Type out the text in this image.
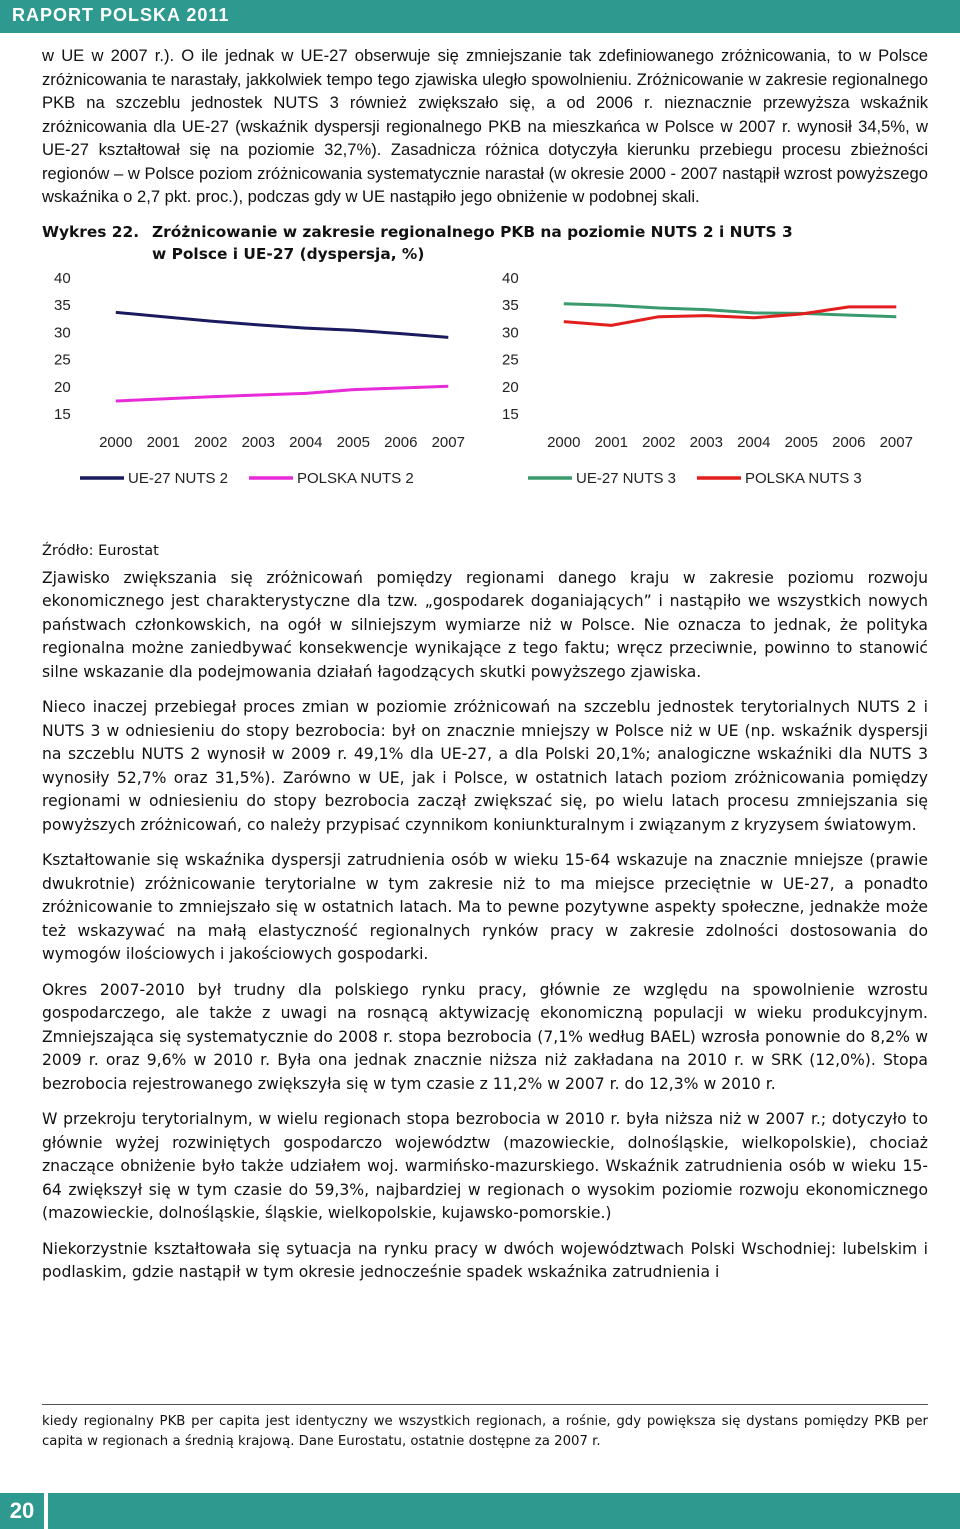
RAPORT POLSKA 2011

w UE w 2007 r.). O ile jednak w UE-27 obserwuje się zmniejszanie tak zdefiniowanego zróżnicowania, to w Polsce zróżnicowania te narastały, jakkolwiek tempo tego zjawiska uległo spowolnieniu. Zróżnicowanie w zakresie regionalnego PKB na szczeblu jednostek NUTS 3 również zwiększało się, a od 2006 r. nieznacznie przewyższa wskaźnik zróżnicowania dla UE-27 (wskaźnik dyspersji regionalnego PKB na mieszkańca w Polsce w 2007 r. wynosił 34,5%, w UE-27 kształtował się na poziomie 32,7%). Zasadnicza różnica dotyczyła kierunku przebiegu procesu zbieżności regionów – w Polsce poziom zróżnicowania systematycznie narastał (w okresie 2000 - 2007 nastąpił wzrost powyższego wskaźnika o 2,7 pkt. proc.), podczas gdy w UE nastąpiło jego obniżenie w podobnej skali.

Wykres 22. Zróżnicowanie w zakresie regionalnego PKB na poziomie NUTS 2 i NUTS 3
w Polsce i UE-27 (dyspersja, %)
40
35
30
25
20
15
2000 2001 2002 2003 2004 2005 2006 2007
UE-27 NUTS 2	POLSKA NUTS 2
40
35
30
25
20
15
2000 2001 2002 2003 2004 2005 2006 2007
UE-27 NUTS 3	POLSKA NUTS 3
Źródło: Eurostat

Zjawisko zwiększania się zróżnicowań pomiędzy regionami danego kraju w zakresie poziomu rozwoju ekonomicznego jest charakterystyczne dla tzw. „gospodarek doganiających” i nastąpiło we wszystkich nowych państwach członkowskich, na ogół w silniejszym wymiarze niż w Polsce. Nie oznacza to jednak, że polityka regionalna możne zaniedbywać konsekwencje wynikające z tego faktu; wręcz przeciwnie, powinno to stanowić silne wskazanie dla podejmowania działań łagodzących skutki powyższego zjawiska.

Nieco inaczej przebiegał proces zmian w poziomie zróżnicowań na szczeblu jednostek terytorialnych NUTS 2 i NUTS 3 w odniesieniu do stopy bezrobocia: był on znacznie mniejszy w Polsce niż w UE (np. wskaźnik dyspersji na szczeblu NUTS 2 wynosił w 2009 r. 49,1% dla UE-27, a dla Polski 20,1%; analogiczne wskaźniki dla NUTS 3 wynosiły 52,7% oraz 31,5%). Zarówno w UE, jak i Polsce, w ostatnich latach poziom zróżnicowania pomiędzy regionami w odniesieniu do stopy bezrobocia zaczął zwiększać się, po wielu latach procesu zmniejszania się powyższych zróżnicowań, co należy przypisać czynnikom koniunkturalnym i związanym z kryzysem światowym.

Kształtowanie się wskaźnika dyspersji zatrudnienia osób w wieku 15-64 wskazuje na znacznie mniejsze (prawie dwukrotnie) zróżnicowanie terytorialne w tym zakresie niż to ma miejsce przeciętnie w UE-27, a ponadto zróżnicowanie to zmniejszało się w ostatnich latach. Ma to pewne pozytywne aspekty społeczne, jednakże może też wskazywać na małą elastyczność regionalnych rynków pracy w zakresie zdolności dostosowania do wymogów ilościowych i jakościowych gospodarki.

Okres 2007-2010 był trudny dla polskiego rynku pracy, głównie ze względu na spowolnienie wzrostu gospodarczego, ale także z uwagi na rosnącą aktywizację ekonomiczną populacji w wieku produkcyjnym. Zmniejszająca się systematycznie do 2008 r. stopa bezrobocia (7,1% według BAEL) wzrosła ponownie do 8,2% w 2009 r. oraz 9,6% w 2010 r. Była ona jednak znacznie niższa niż zakładana na 2010 r. w SRK (12,0%). Stopa bezrobocia rejestrowanego zwiększyła się w tym czasie z 11,2% w 2007 r. do 12,3% w 2010 r.

W przekroju terytorialnym, w wielu regionach stopa bezrobocia w 2010 r. była niższa niż w 2007 r.; dotyczyło to głównie wyżej rozwiniętych gospodarczo województw (mazowieckie, dolnośląskie, wielkopolskie), chociaż znaczące obniżenie było także udziałem woj. warmińsko-mazurskiego. Wskaźnik zatrudnienia osób w wieku 15-64 zwiększył się w tym czasie do 59,3%, najbardziej w regionach o wysokim poziomie rozwoju ekonomicznego (mazowieckie, dolnośląskie, śląskie, wielkopolskie, kujawsko-pomorskie.)

Niekorzystnie kształtowała się sytuacja na rynku pracy w dwóch województwach Polski Wschodniej: lubelskim i podlaskim, gdzie nastąpił w tym okresie jednocześnie spadek wskaźnika zatrudnienia i

kiedy regionalny PKB per capita jest identyczny we wszystkich regionach, a rośnie, gdy powiększa się dystans pomiędzy PKB per capita w regionach a średnią krajową. Dane Eurostatu, ostatnie dostępne za 2007 r.
20
